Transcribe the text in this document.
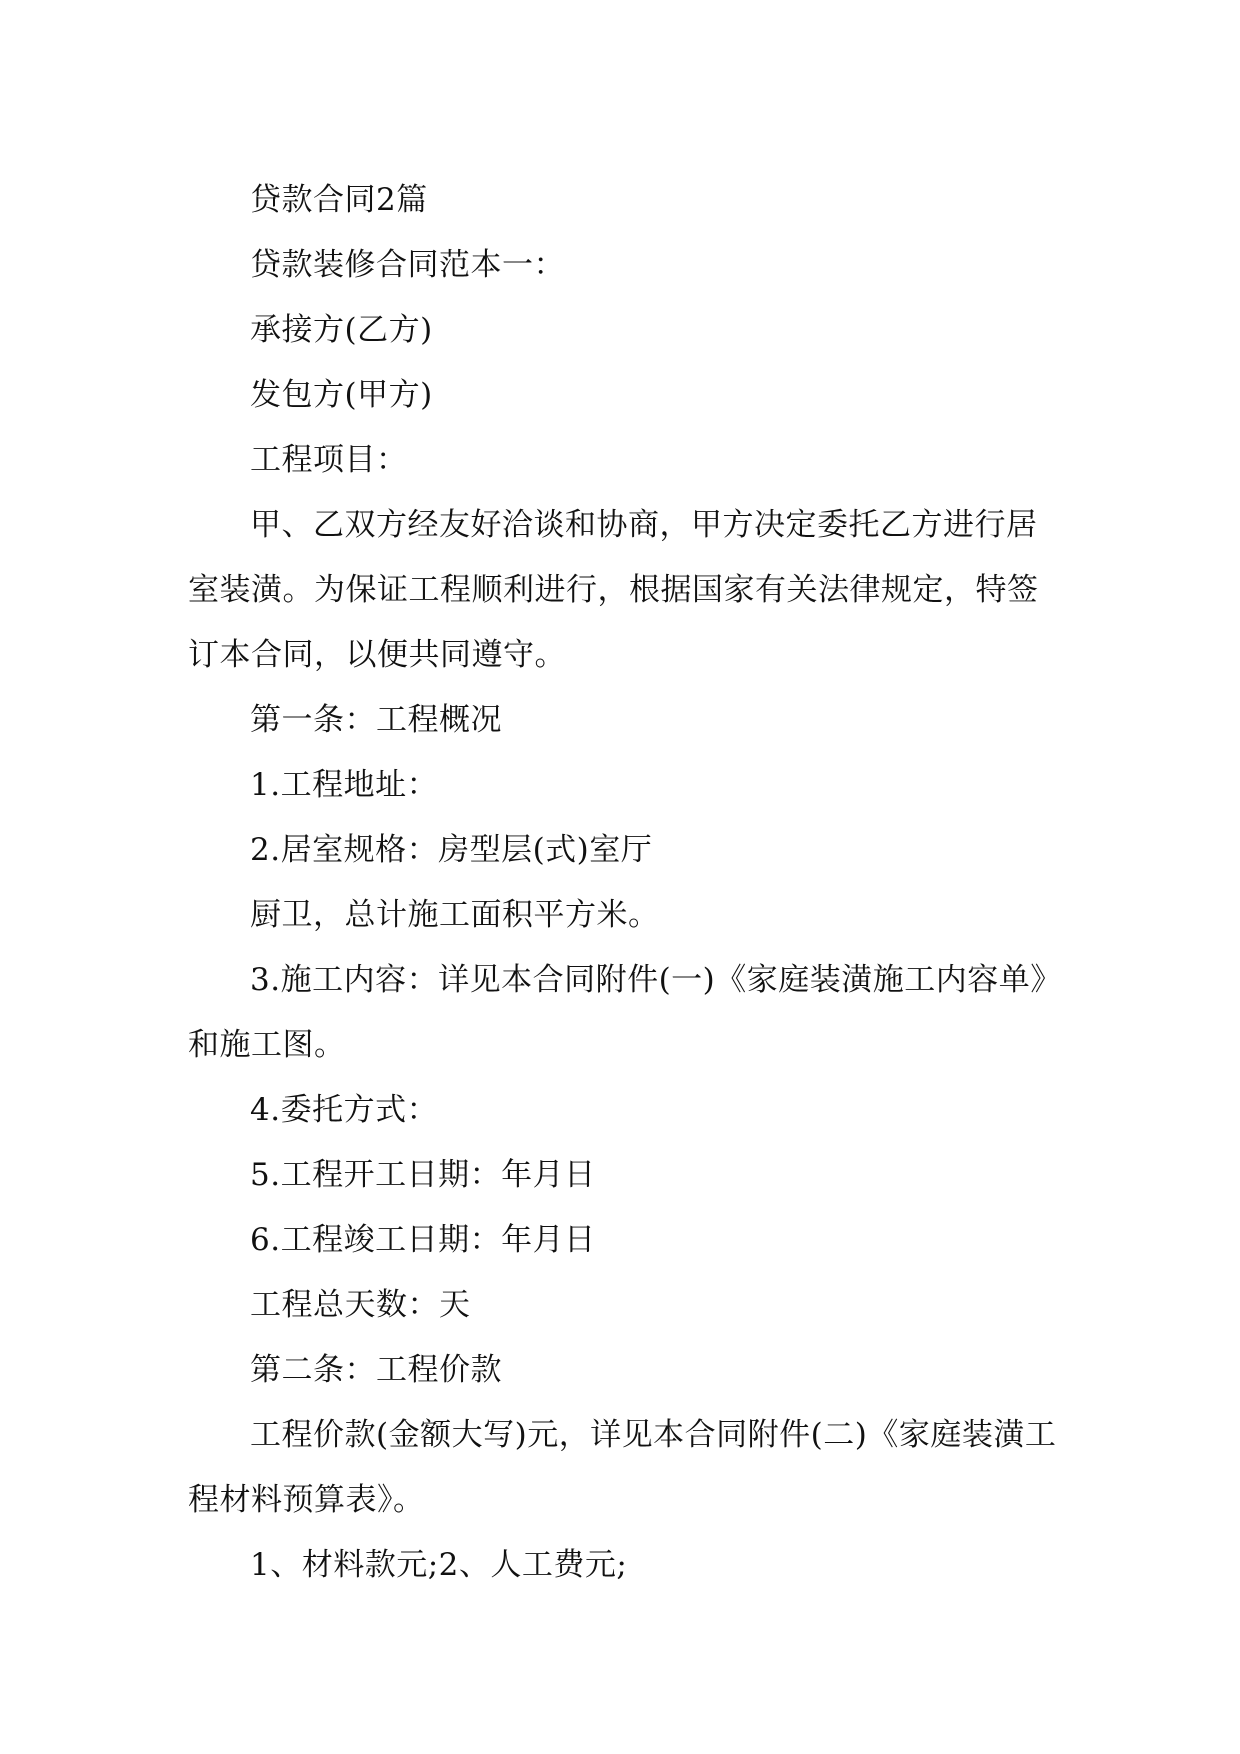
贷款合同2篇

贷款装修合同范本一：

承接方(乙方)

发包方(甲方)

工程项目：

甲、乙双方经友好洽谈和协商，甲方决定委托乙方进行居室装潢。为保证工程顺利进行，根据国家有关法律规定，特签订本合同，以便共同遵守。

第一条：工程概况

1.工程地址：

2.居室规格：房型层(式)室厅

厨卫，总计施工面积平方米。

3.施工内容：详见本合同附件(一)《家庭装潢施工内容单》和施工图。

4.委托方式：

5.工程开工日期：年月日

6.工程竣工日期：年月日

工程总天数：天

第二条：工程价款

工程价款(金额大写)元，详见本合同附件(二)《家庭装潢工程材料预算表》。

1、材料款元;2、人工费元;
